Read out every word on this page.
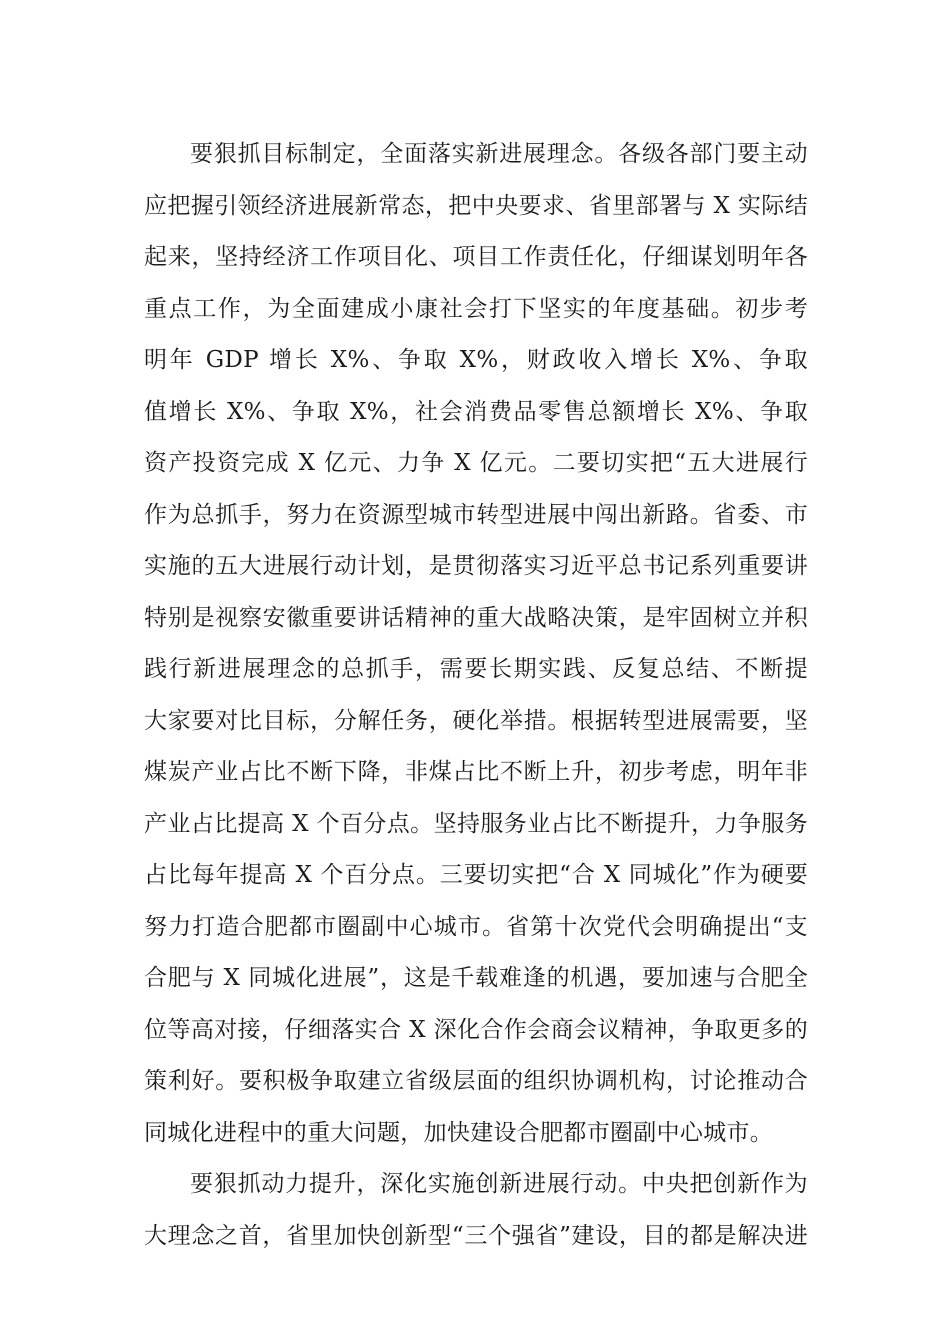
要狠抓目标制定，全面落实新进展理念。各级各部门要主动
应把握引领经济进展新常态，把中央要求、省里部署与 X 实际结
起来，坚持经济工作项目化、项目工作责任化，仔细谋划明年各
重点工作，为全面建成小康社会打下坚实的年度基础。初步考
明年 GDP 增长 X%、争取 X%，财政收入增长 X%、争取
值增长 X%、争取 X%，社会消费品零售总额增长 X%、争取
资产投资完成 X 亿元、力争 X 亿元。二要切实把“五大进展行
作为总抓手，努力在资源型城市转型进展中闯出新路。省委、市
实施的五大进展行动计划，是贯彻落实习近平总书记系列重要讲
特别是视察安徽重要讲话精神的重大战略决策，是牢固树立并积
践行新进展理念的总抓手，需要长期实践、反复总结、不断提
大家要对比目标，分解任务，硬化举措。根据转型进展需要，坚
煤炭产业占比不断下降，非煤占比不断上升，初步考虑，明年非
产业占比提高 X 个百分点。坚持服务业占比不断提升，力争服务
占比每年提高 X 个百分点。三要切实把“合 X 同城化”作为硬要
努力打造合肥都市圈副中心城市。省第十次党代会明确提出“支
合肥与 X 同城化进展”，这是千载难逢的机遇，要加速与合肥全
位等高对接，仔细落实合 X 深化合作会商会议精神，争取更多的
策利好。要积极争取建立省级层面的组织协调机构，讨论推动合
同城化进程中的重大问题，加快建设合肥都市圈副中心城市。
要狠抓动力提升，深化实施创新进展行动。中央把创新作为
大理念之首，省里加快创新型“三个强省”建设，目的都是解决进
